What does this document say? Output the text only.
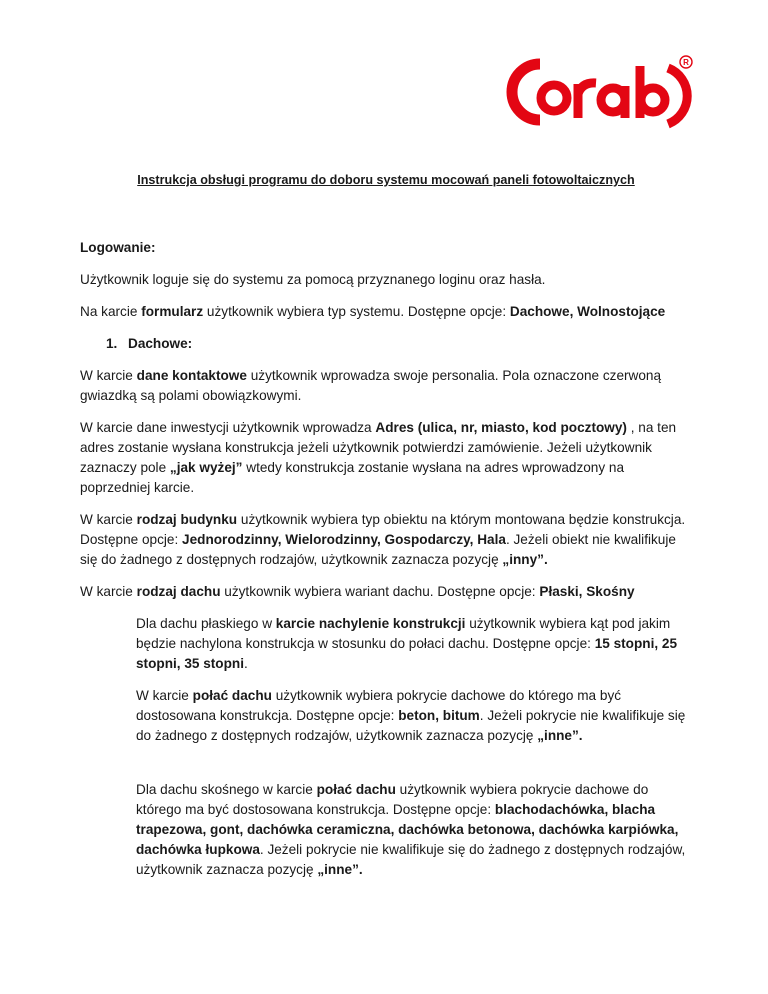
R
Instrukcja obsługi programu do doboru systemu mocowań paneli fotowoltaicznych
Logowanie:

Użytkownik loguje się do systemu za pomocą przyznanego loginu oraz hasła.

Na karcie formularz użytkownik wybiera typ systemu. Dostępne opcje: Dachowe, Wolnostojące

1. Dachowe:

W karcie dane kontaktowe użytkownik wprowadza swoje personalia. Pola oznaczone czerwoną gwiazdką są polami obowiązkowymi.

W karcie dane inwestycji użytkownik wprowadza Adres (ulica, nr, miasto, kod pocztowy) , na ten adres zostanie wysłana konstrukcja jeżeli użytkownik potwierdzi zamówienie. Jeżeli użytkownik zaznaczy pole „jak wyżej” wtedy konstrukcja zostanie wysłana na adres wprowadzony na poprzedniej karcie.

W karcie rodzaj budynku użytkownik wybiera typ obiektu na którym montowana będzie konstrukcja. Dostępne opcje: Jednorodzinny, Wielorodzinny, Gospodarczy, Hala. Jeżeli obiekt nie kwalifikuje się do żadnego z dostępnych rodzajów, użytkownik zaznacza pozycję „inny”.

W karcie rodzaj dachu użytkownik wybiera wariant dachu. Dostępne opcje: Płaski, Skośny

Dla dachu płaskiego w karcie nachylenie konstrukcji użytkownik wybiera kąt pod jakim będzie nachylona konstrukcja w stosunku do połaci dachu. Dostępne opcje: 15 stopni, 25 stopni, 35 stopni.

W karcie połać dachu użytkownik wybiera pokrycie dachowe do którego ma być dostosowana konstrukcja. Dostępne opcje: beton, bitum. Jeżeli pokrycie nie kwalifikuje się do żadnego z dostępnych rodzajów, użytkownik zaznacza pozycję „inne”.

Dla dachu skośnego w karcie połać dachu użytkownik wybiera pokrycie dachowe do którego ma być dostosowana konstrukcja. Dostępne opcje: blachodachówka, blacha trapezowa, gont, dachówka ceramiczna, dachówka betonowa, dachówka karpiówka, dachówka łupkowa. Jeżeli pokrycie nie kwalifikuje się do żadnego z dostępnych rodzajów, użytkownik zaznacza pozycję „inne”.
